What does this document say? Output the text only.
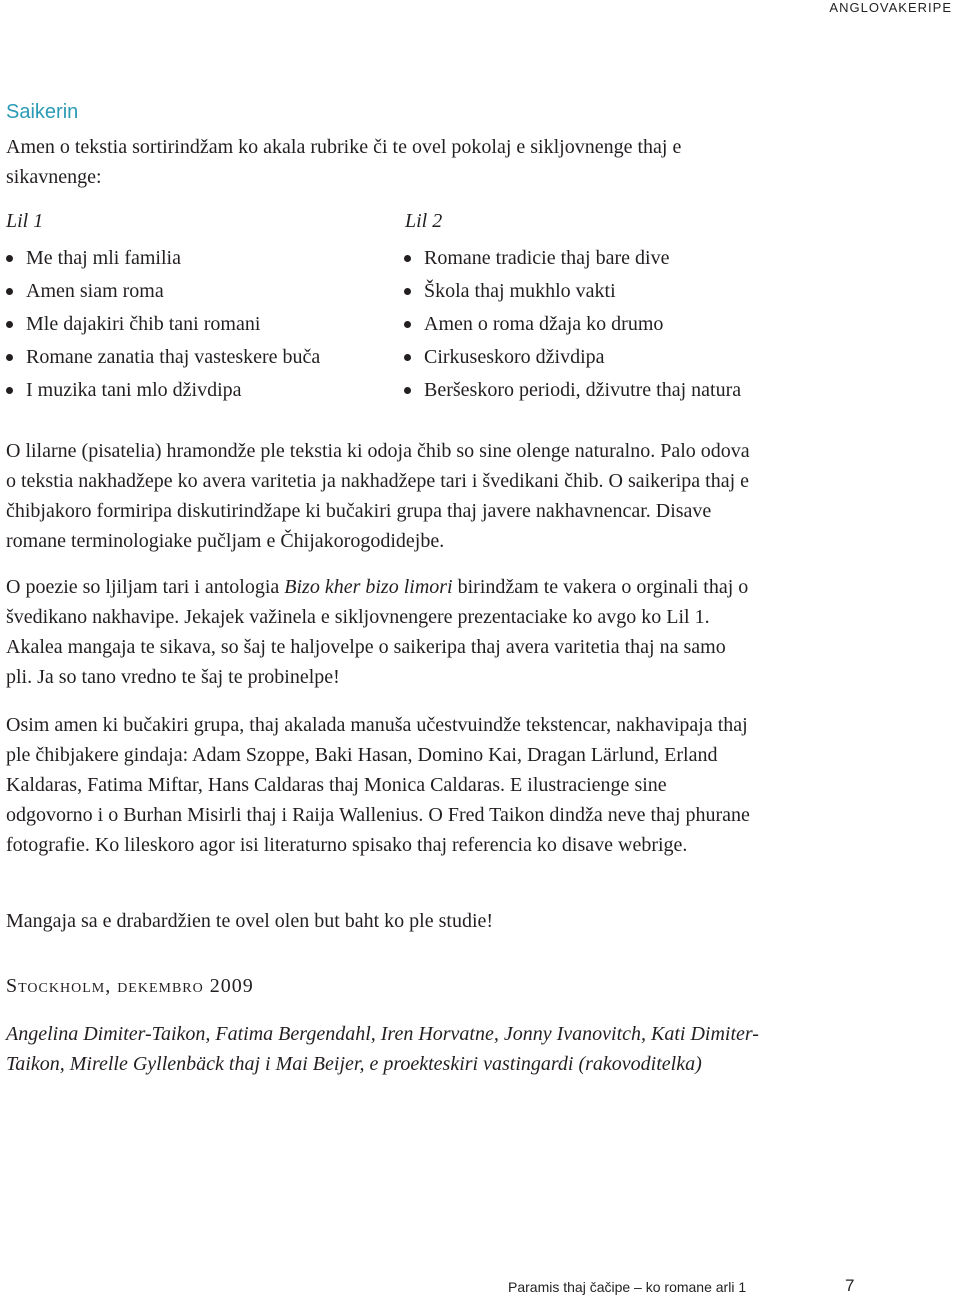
ANGLOVAKERIPE
Saikerin
Amen o tekstia sortirindžam ko akala rubrike či te ovel pokolaj e sikljovnenge thaj e sikavnenge:
Lil 1
Me thaj mli familia
Amen siam roma
Mle dajakiri čhib tani romani
Romane zanatia thaj vasteskere buča
I muzika tani mlo dživdipa
Lil 2
Romane tradicie thaj bare dive
Škola thaj mukhlo vakti
Amen o roma džaja ko drumo
Cirkuseskoro dživdipa
Beršeskoro periodi, dživutre thaj natura

O lilarne (pisatelia) hramondže ple tekstia ki odoja čhib so sine olenge naturalno. Palo odova o tekstia nakhadžepe ko avera varitetia ja nakhadžepe tari i švedikani čhib. O saikeripa thaj e čhibjakoro formiripa diskutirindžape ki bučakiri grupa thaj javere nakhavnencar. Disave romane terminologiake pučljam e Čhijakorogodidejbe.

O poezie so ljiljam tari i antologia Bizo kher bizo limori birindžam te vakera o orginali thaj o švedikano nakhavipe. Jekajek važinela e sikljovnengere prezentaciake ko avgo ko Lil 1. Akalea mangaja te sikava, so šaj te haljovelpe o saikeripa thaj avera varitetia thaj na samo pli. Ja so tano vredno te šaj te probinelpe!

Osim amen ki bučakiri grupa, thaj akalada manuša učestvuindže tekstencar, nakhavipaja thaj ple čhibjakere gindaja: Adam Szoppe, Baki Hasan, Domino Kai, Dragan Lärlund, Erland Kaldaras, Fatima Miftar, Hans Caldaras thaj Monica Caldaras. E ilustracienge sine odgovorno i o Burhan Misirli thaj i Raija Wallenius. O Fred Taikon dindža neve thaj phurane fotografie. Ko lileskoro agor isi literaturno spisako thaj referencia ko disave webrige.

Mangaja sa e drabardžien te ovel olen but baht ko ple studie!

Stockholm, dekembro 2009
Angelina Dimiter-Taikon, Fatima Bergendahl, Iren Horvatne, Jonny Ivanovitch, Kati Dimiter-Taikon, Mirelle Gyllenbäck thaj i Mai Beijer, e proekteskiri vastingardi (rakovoditelka)
Paramis thaj čačipe – ko romane arli 1	7
